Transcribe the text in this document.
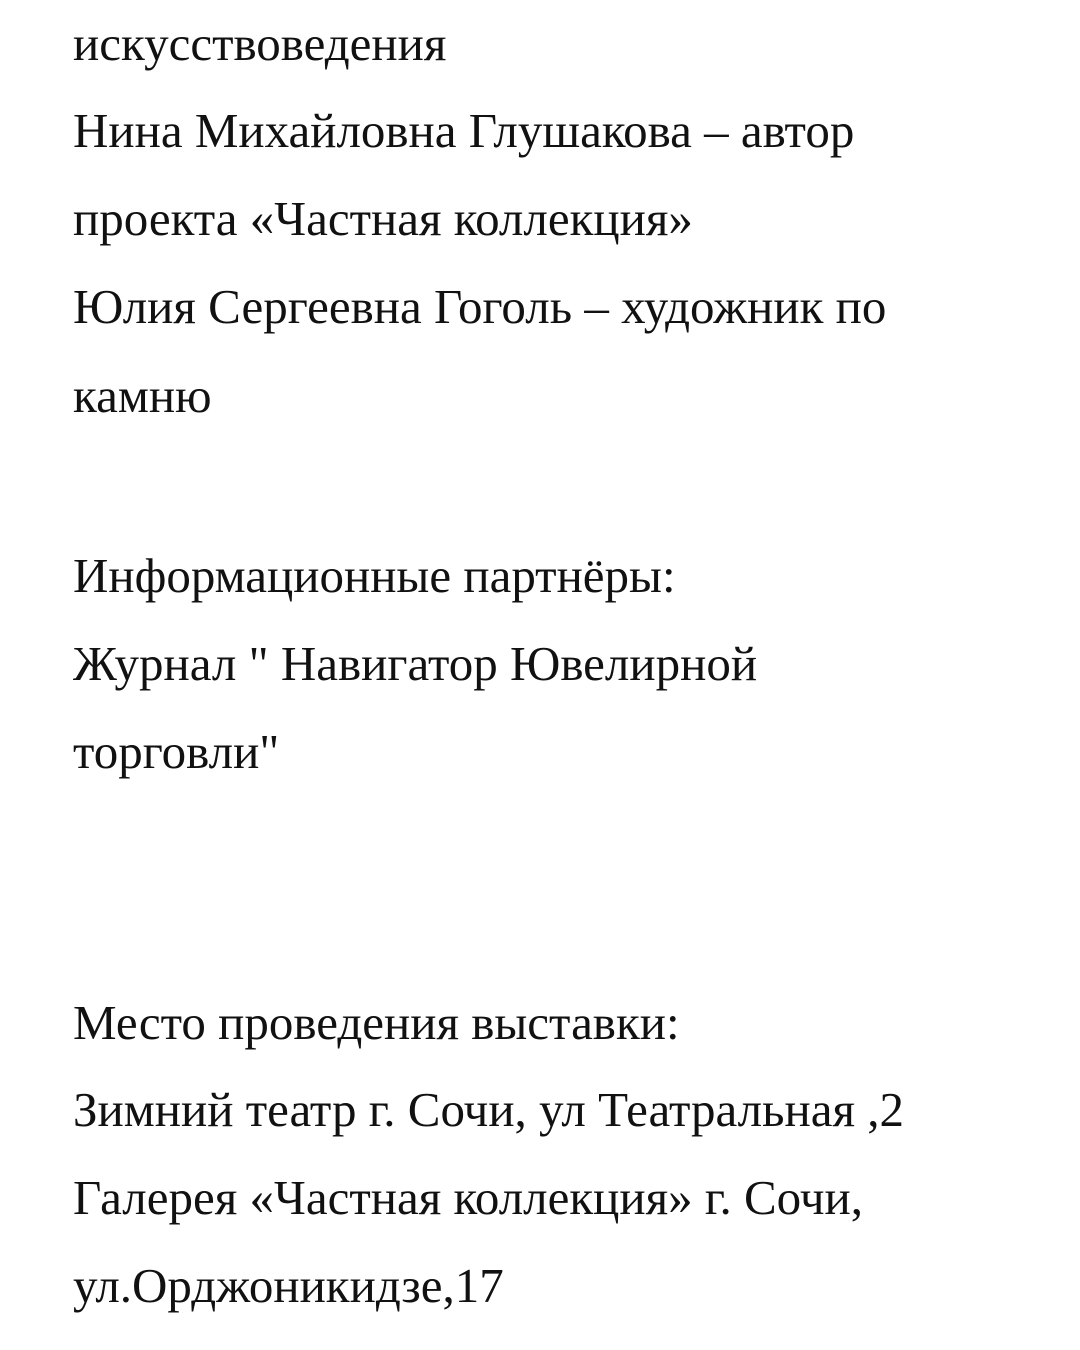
искусствоведения
Нина Михайловна Глушакова – автор
проекта «Частная коллекция»
Юлия Сергеевна Гоголь – художник по
камню
Информационные партнёры:
Журнал " Навигатор Ювелирной
торговли"
Место проведения выставки:
Зимний театр г. Сочи, ул Театральная ,2
Галерея «Частная коллекция» г. Сочи,
ул.Орджоникидзе,17
